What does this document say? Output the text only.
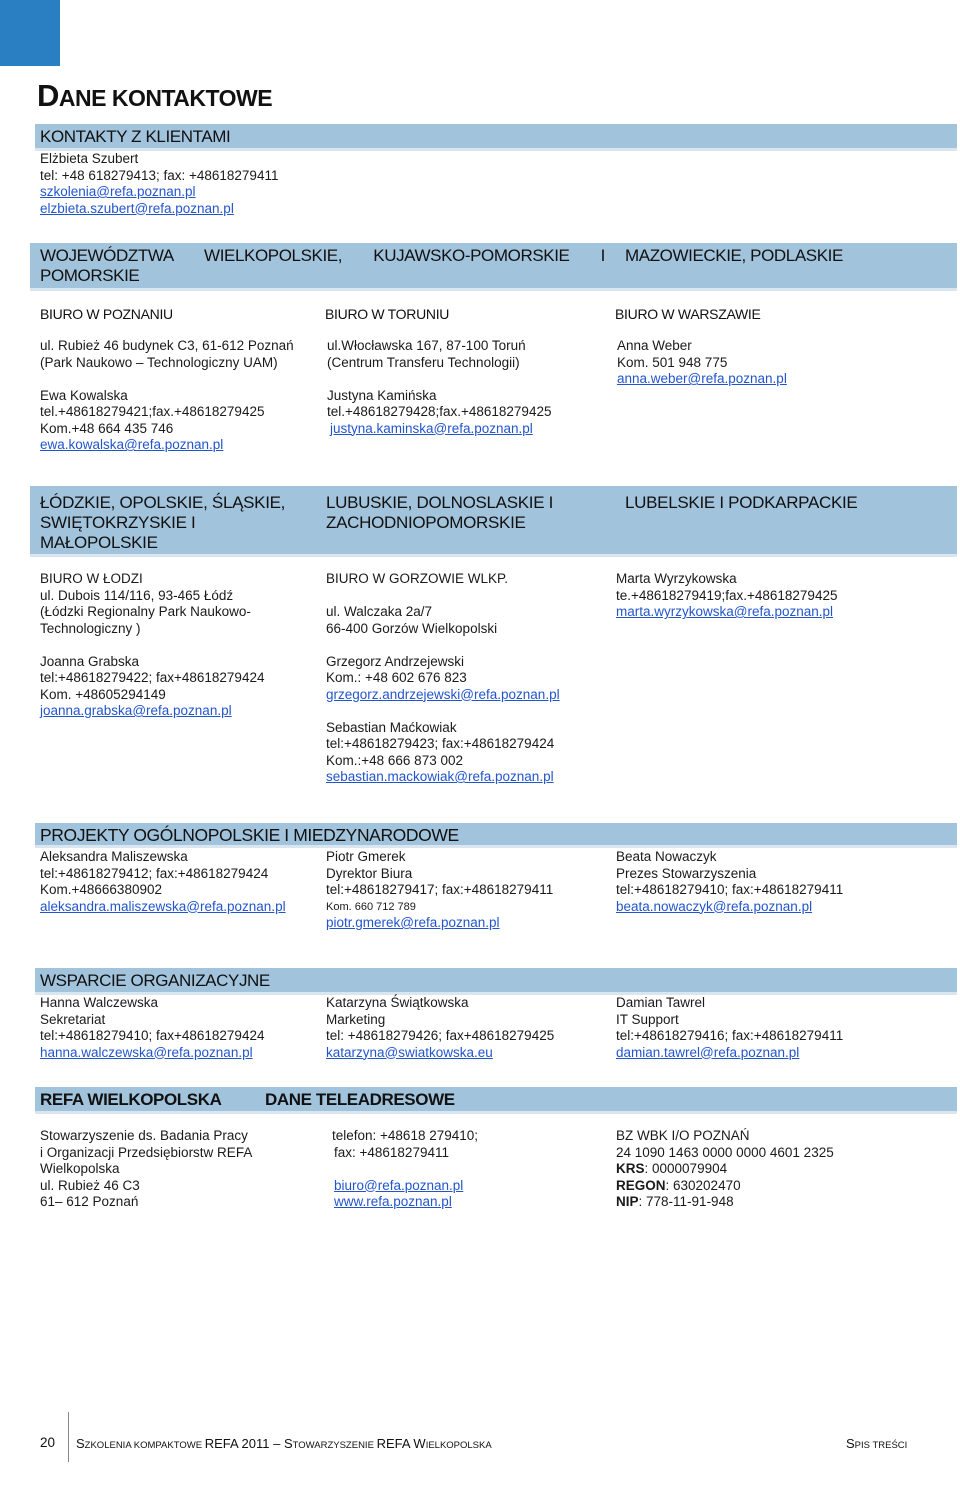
DANE KONTAKTOWE
KONTAKTY Z KLIENTAMI
Elżbieta Szubert
tel: +48 618279413; fax: +48618279411
szkolenia@refa.poznan.pl
elzbieta.szubert@refa.poznan.pl
WOJEWÓDZTWA WIELKOPOLSKIE, KUJAWSKO-POMORSKIE I POMORSKIE
MAZOWIECKIE, PODLASKIE
BIURO W POZNANIU	BIURO W TORUNIU	BIURO W WARSZAWIE
ul. Rubież 46 budynek C3, 61-612 Poznań
(Park Naukowo – Technologiczny UAM)
Ewa Kowalska
tel.+48618279421;fax.+48618279425
Kom.+48 664 435 746
ewa.kowalska@refa.poznan.pl
ul.Włocławska 167, 87-100 Toruń
(Centrum Transferu Technologii)
Justyna Kamińska
tel.+48618279428;fax.+48618279425
justyna.kaminska@refa.poznan.pl
Anna Weber
Kom. 501 948 775
anna.weber@refa.poznan.pl
ŁÓDZKIE, OPOLSKIE, ŚLĄSKIE,
SWIĘTOKRZYSKIE I
MAŁOPOLSKIE
LUBUSKIE, DOLNOSLASKIE I
ZACHODNIOPOMORSKIE
LUBELSKIE I PODKARPACKIE
BIURO W ŁODZI
ul. Dubois 114/116, 93-465 Łódź
(Łódzki Regionalny Park Naukowo-
Technologiczny )
Joanna Grabska
tel:+48618279422; fax+48618279424
Kom. +48605294149
joanna.grabska@refa.poznan.pl
BIURO W GORZOWIE WLKP.
ul. Walczaka 2a/7
66-400 Gorzów Wielkopolski
Grzegorz Andrzejewski
Kom.: +48 602 676 823
grzegorz.andrzejewski@refa.poznan.pl
Sebastian Maćkowiak
tel:+48618279423; fax:+48618279424
Kom.:+48 666 873 002
sebastian.mackowiak@refa.poznan.pl
Marta Wyrzykowska
te.+48618279419;fax.+48618279425
marta.wyrzykowska@refa.poznan.pl
PROJEKTY OGÓLNOPOLSKIE I MIEDZYNARODOWE
Aleksandra Maliszewska
tel:+48618279412; fax:+48618279424
Kom.+48666380902
aleksandra.maliszewska@refa.poznan.pl
Piotr Gmerek
Dyrektor Biura
tel:+48618279417; fax:+48618279411
Kom. 660 712 789
piotr.gmerek@refa.poznan.pl
Beata Nowaczyk
Prezes Stowarzyszenia
tel:+48618279410; fax:+48618279411
beata.nowaczyk@refa.poznan.pl
WSPARCIE ORGANIZACYJNE
Hanna Walczewska
Sekretariat
tel:+48618279410; fax+48618279424
hanna.walczewska@refa.poznan.pl
Katarzyna Świątkowska
Marketing
tel: +48618279426; fax+48618279425
katarzyna@swiatkowska.eu
Damian Tawrel
IT Support
tel:+48618279416; fax:+48618279411
damian.tawrel@refa.poznan.pl
REFA WIELKOPOLSKA	DANE TELEADRESOWE
Stowarzyszenie ds. Badania Pracy
i Organizacji Przedsiębiorstw REFA
Wielkopolska
ul. Rubież 46 C3
61– 612 Poznań
telefon: +48618 279410;
fax: +48618279411
biuro@refa.poznan.pl
www.refa.poznan.pl
BZ WBK I/O POZNAŃ
24 1090 1463 0000 0000 4601 2325
KRS: 0000079904
REGON: 630202470
NIP: 778-11-91-948
20 SZKOLENIA KOMPAKTOWE REFA 2011 – STOWARZYSZENIE REFA WIELKOPOLSKA	SPIS TREŚCI
